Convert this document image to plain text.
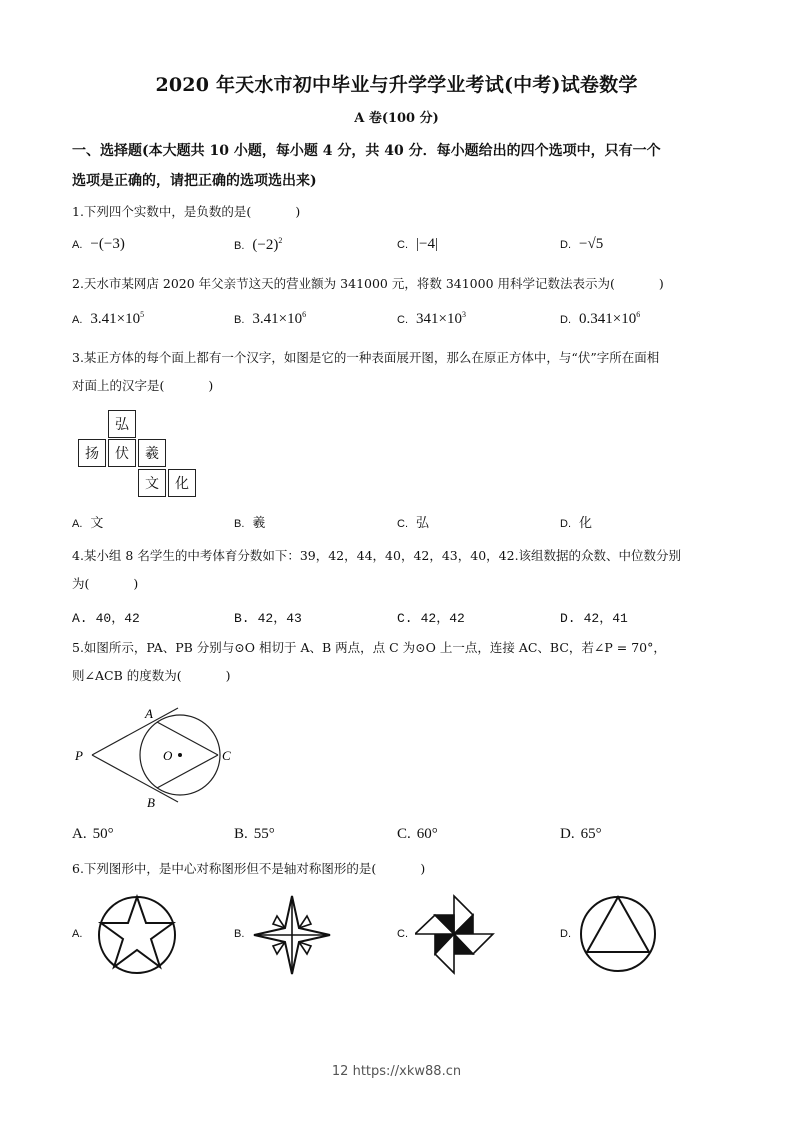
2020 年天水市初中毕业与升学学业考试(中考)试卷数学
A 卷(100 分)
一、选择题(本大题共 10 小题，每小题 4 分，共 40 分．每小题给出的四个选项中，只有一个
选项是正确的，请把正确的选项选出来)
1.下列四个实数中，是负数的是(	)
A. −(−3)	B. $(-2)^2$	C. |−4|	D. −√5
2.天水市某网店 2020 年父亲节这天的营业额为 341000 元，将数 341000 用科学记数法表示为(	)
A. $3.41\times 10^5$	B. $3.41\times 10^6$	C. $341\times 10^3$	D. $0.341\times 10^6$
3.某正方体的每个面上都有一个汉字，如图是它的一种表面展开图，那么在原正方体中，与“伏”字所在面相
对面上的汉字是(	)
弘
扬	伏	羲
文	化
A. 文	B. 羲	C. 弘	D. 化
4.某小组 8 名学生的中考体育分数如下：39，42，44，40，42，43，40，42.该组数据的众数、中位数分别
为(	)
A. 40，42	B. 42，43	C. 42，42	D. 42，41
5.如图所示，PA、PB 分别与⊙O 相切于 A、B 两点，点 C 为⊙O 上一点，连接 AC、BC，若∠P = 70°，
则∠ACB 的度数为(	)
A
B
C
O
P
A. 50°	B. 55°	C. 60°	D. 65°
6.下列图形中，是中心对称图形但不是轴对称图形的是(	)
A.	B.	C.	D.
12 https://xkw88.cn
